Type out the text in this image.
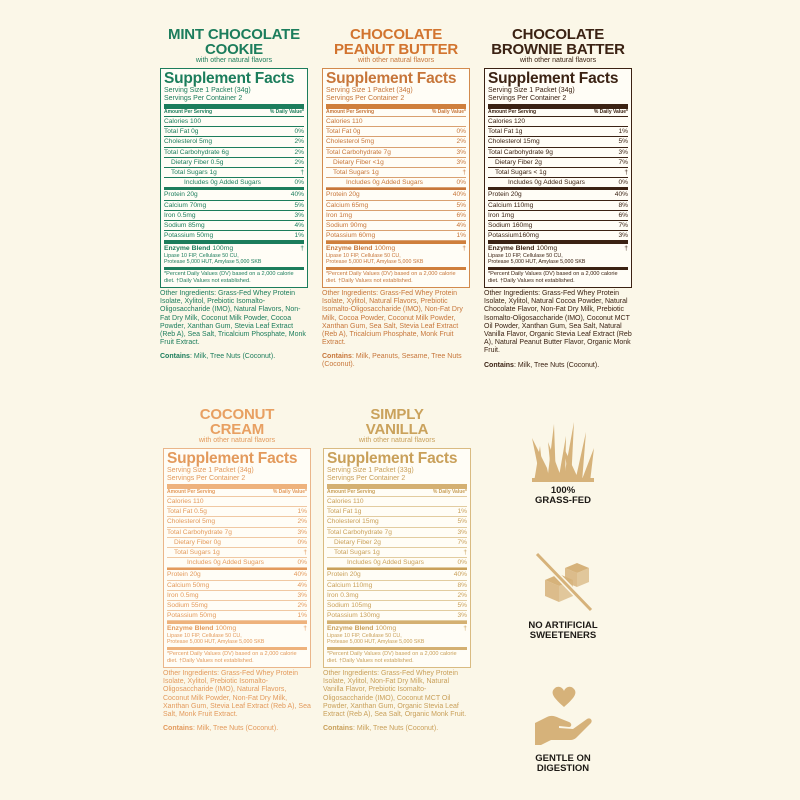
MINT CHOCOLATE
COOKIE
with other natural flavors
Supplement Facts
Serving Size 1 Packet (34g)
Servings Per Container 2
Amount Per Serving	% Daily Value*
Calories 100
Total Fat 0g	0%
Cholesterol 5mg	2%
Total Carbohydrate 6g	2%
Dietary Fiber 0.5g	2%
Total Sugars 1g	†
Includes 0g Added Sugars	0%
Protein 20g	40%
Calcium 70mg	5%
Iron 0.5mg	3%
Sodium 85mg	4%
Potassium 50mg	1%
Enzyme Blend 100mg	†
Lipase 10 FIP, Cellulase 50 CU,
Protease 5,000 HUT, Amylase 5,000 SKB
*Percent Daily Values (DV) based on a 2,000 calorie diet. †Daily Values not established.
Other Ingredients: Grass-Fed Whey Protein Isolate, Xylitol, Prebiotic Isomalto-Oligosaccharide (IMO), Natural Flavors, Non-Fat Dry Milk, Coconut Milk Powder, Cocoa Powder, Xanthan Gum, Stevia Leaf Extract (Reb A), Sea Salt, Tricalcium Phosphate, Monk Fruit Extract.
Contains: Milk, Tree Nuts (Coconut).
CHOCOLATE
PEANUT BUTTER
with other natural flavors
Supplement Facts
Serving Size 1 Packet (34g)
Servings Per Container 2
Amount Per Serving	% Daily Value*
Calories 110
Total Fat 0g	0%
Cholesterol 5mg	2%
Total Carbohydrate 7g	3%
Dietary Fiber <1g	3%
Total Sugars 1g	†
Includes 0g Added Sugars	0%
Protein 20g	40%
Calcium 65mg	5%
Iron 1mg	6%
Sodium 90mg	4%
Potassium 60mg	1%
Enzyme Blend 100mg	†
Lipase 10 FIP, Cellulase 50 CU,
Protease 5,000 HUT, Amylase 5,000 SKB
*Percent Daily Values (DV) based on a 2,000 calorie diet. †Daily Values not established.
Other Ingredients: Grass-Fed Whey Protein Isolate, Xylitol, Natural Flavors, Prebiotic Isomalto-Oligosaccharide (IMO), Non-Fat Dry Milk, Cocoa Powder, Coconut Milk Powder, Xanthan Gum, Sea Salt, Stevia Leaf Extract (Reb A), Tricalcium Phosphate, Monk Fruit Extract.
Contains: Milk, Peanuts, Sesame, Tree Nuts (Coconut).
CHOCOLATE
BROWNIE BATTER
with other natural flavors
Supplement Facts
Serving Size 1 Packet (34g)
Servings Per Container 2
Amount Per Serving	% Daily Value*
Calories 120
Total Fat 1g	1%
Cholesterol 15mg	5%
Total Carbohydrate 9g	3%
Dietary Fiber 2g	7%
Total Sugars < 1g	†
Includes 0g Added Sugars	0%
Protein 20g	40%
Calcium 110mg	8%
Iron 1mg	6%
Sodium 160mg	7%
Potassium160mg	3%
Enzyme Blend 100mg	†
Lipase 10 FIP, Cellulase 50 CU,
Protease 5,000 HUT, Amylase 5,000 SKB
*Percent Daily Values (DV) based on a 2,000 calorie diet. †Daily Values not established.
Other Ingredients: Grass-Fed Whey Protein Isolate, Xylitol, Natural Cocoa Powder, Natural Chocolate Flavor, Non-Fat Dry Milk, Prebiotic Isomalto-Oligosaccharide (IMO), Coconut MCT Oil Powder, Xanthan Gum, Sea Salt, Natural Vanilla Flavor, Organic Stevia Leaf Extract (Reb A), Natural Peanut Butter Flavor, Organic Monk Fruit.
Contains: Milk, Tree Nuts (Coconut).
COCONUT
CREAM
with other natural flavors
Supplement Facts
Serving Size 1 Packet (34g)
Servings Per Container 2
Amount Per Serving	% Daily Value*
Calories 110
Total Fat 0.5g	1%
Cholesterol 5mg	2%
Total Carbohydrate 7g	3%
Dietary Fiber 0g	0%
Total Sugars 1g	†
Includes 0g Added Sugars	0%
Protein 20g	40%
Calcium 50mg	4%
Iron 0.5mg	3%
Sodium 55mg	2%
Potassium 50mg	1%
Enzyme Blend 100mg	†
Lipase 10 FIP, Cellulase 50 CU,
Protease 5,000 HUT, Amylase 5,000 SKB
*Percent Daily Values (DV) based on a 2,000 calorie diet. †Daily Values not established.
Other Ingredients: Grass-Fed Whey Protein Isolate, Xylitol, Prebiotic Isomalto-Oligosaccharide (IMO), Natural Flavors, Coconut Milk Powder, Non-Fat Dry Milk, Xanthan Gum, Stevia Leaf Extract (Reb A), Sea Salt, Monk Fruit Extract.
Contains: Milk, Tree Nuts (Coconut).
SIMPLY
VANILLA
with other natural flavors
Supplement Facts
Serving Size 1 Packet (33g)
Servings Per Container 2
Amount Per Serving	% Daily Value*
Calories 110
Total Fat 1g	1%
Cholesterol 15mg	5%
Total Carbohydrate 7g	3%
Dietary Fiber 2g	7%
Total Sugars 1g	†
Includes 0g Added Sugars	0%
Protein 20g	40%
Calcium 110mg	8%
Iron 0.3mg	2%
Sodium 105mg	5%
Potassium 130mg	3%
Enzyme Blend 100mg	†
Lipase 10 FIP, Cellulase 50 CU,
Protease 5,000 HUT, Amylase 5,000 SKB
*Percent Daily Values (DV) based on a 2,000 calorie diet. †Daily Values not established.
Other Ingredients: Grass-Fed Whey Protein Isolate, Xylitol, Non-Fat Dry Milk, Natural Vanilla Flavor, Prebiotic Isomalto-Oligosaccharide (IMO), Coconut MCT Oil Powder, Xanthan Gum, Organic Stevia Leaf Extract (Reb A), Sea Salt, Organic Monk Fruit.
Contains: Milk, Tree Nuts (Coconut).
100%
GRASS-FED
NO ARTIFICIAL
SWEETENERS
GENTLE ON
DIGESTION
